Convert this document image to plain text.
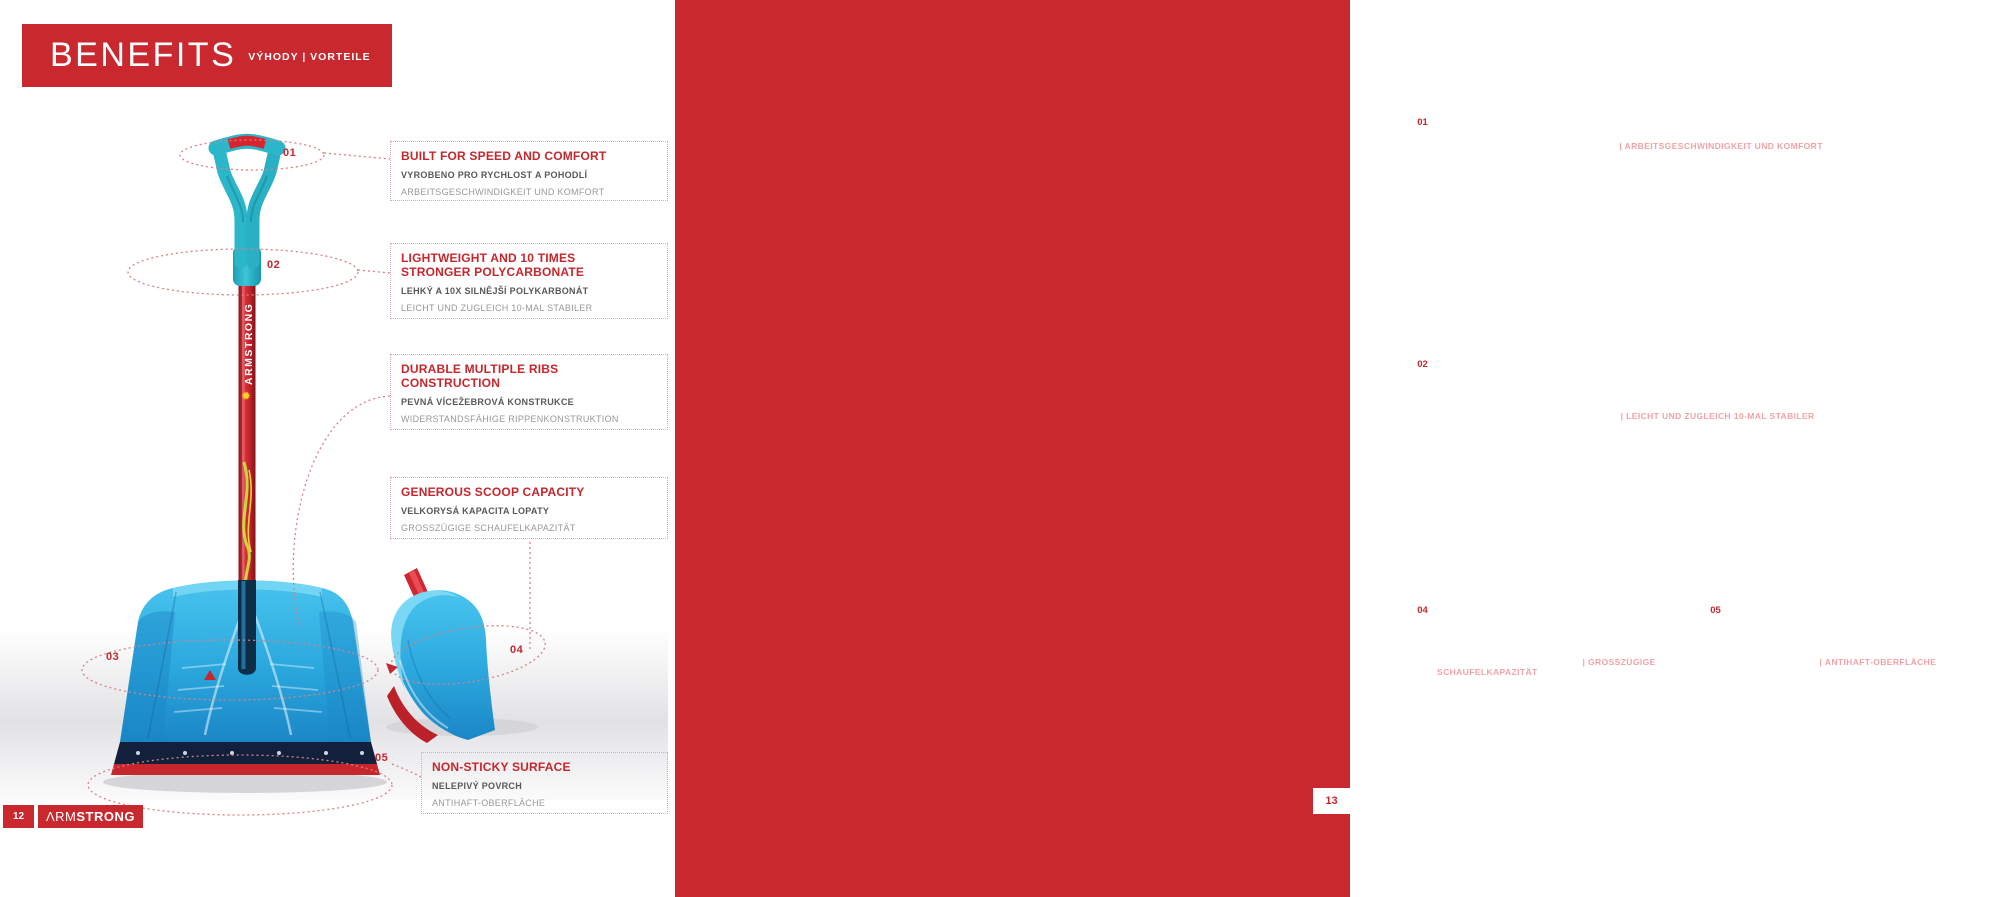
ARMSTRONG
✹
BENEFITS VÝHODY | VORTEILE
BUILT FOR SPEED AND COMFORT
VYROBENO PRO RYCHLOST A POHODLÍ
ARBEITSGESCHWINDIGKEIT UND KOMFORT
LIGHTWEIGHT AND 10 TIMES
STRONGER POLYCARBONATE
LEHKÝ A 10X SILNĚJŠÍ POLYKARBONÁT
LEICHT UND ZUGLEICH 10-MAL STABILER
DURABLE MULTIPLE RIBS
CONSTRUCTION
PEVNÁ VÍCEŽEBROVÁ KONSTRUKCE
WIDERSTANDSFÄHIGE RIPPENKONSTRUKTION
GENEROUS SCOOP CAPACITY
VELKORYSÁ KAPACITA LOPATY
GROSSZÜGIGE SCHAUFELKAPAZITÄT
NON-STICKY SURFACE
NELEPIVÝ POVRCH
ANTIHAFT-OBERFLÄCHE
01
02
03
04
05
12	ΛRM STRONG
01 BUILT FOR SPEED AND COMFORT
VYROBENO PRO RYCHLOST A POHODLÍ | ARBEITSGESCHWINDIGKEIT UND KOMFORT
Ergonomically shaped handles maximize the potential of both arms during the work increasing the speed while comaxit rod cover provides the comfort even during harsh weather conditions.
Ergonomicky tvarovaná rukojeť maximalizuje potenciál obou paží během práce, a tak zvyšuje rychlost, zatímco komaxitové pokrytí násady poskytuje komfort i při nepříznivých povětrnostních podmínkách.
Ergonomisch geformte Griffe maximieren die Leistung während der Arbeit, was auch die Arbeitsgeschwindigkeit erhöht, während die Komaxit-Stieloberfläche für maximalen Komfort sorgt, auch unter extremen Wetterbedingungen.
02 LIGHTWEIGHT AND 10 TIMES
STRONGER POLYCARBONATE
LEHKÝ A 10X SILNĚJŠÍ POLYKARBONÁT | LEICHT UND ZUGLEICH 10-MAL STABILER
Polycarbonate is a lightweight 21st century material yet many times stronger than conventional plastics. Freeze resistant to up to -40 °C.
Polykarbonát je materiálem 21. století. 10x silnější než běžné plasty, a proto je i celá lopata lehčí. Mrazuvzdorný do -40 °C.
Polycarbonat ist ein leichter Kunststoff des 21. Jahrhunderts. Trotz seiner Leichtigkeit ist er viel stabiler als übliche Kunststoffe. Frostbeständig bis zu -40 °C.
04 GENEROUS
SCOOP CAPACITY
VELKORYSÁ KAPACITA LOPATY | GROSSZÜGIGE SCHAUFELKAPAZITÄT
Deep and wide shovel designed to hold large volume and increase the speed.
Hluboká a široká lopata byla navržena pro rychlost a větší objem odhozeného sněhu.
Die breiten und tiefen Schaufeln sind so konstruiert, dass sie eine große Menge Schnee aufnehmen können. Das erhöht auch die Geschwindigkeit der Arbeit.
05 NON-STICKY
SURFACE
NELEPIVÝ POVRCH | ANTIHAFT-OBERFLÄCHE
Polycarbonate shovel allows the snow to slide off easily during the work increasing the speed.
Díky vlastnostem polykarbonátu sníh sklouzává snadno během práce, nelepí se na lopatu, a tak zvyšuje rychlost i komfort.
Schneeschaufeln aus Polycarbonat sorgen dafür, dass der Schnee einfach abrutscht, was die Arbeit wesentlich erleichtert.
13
